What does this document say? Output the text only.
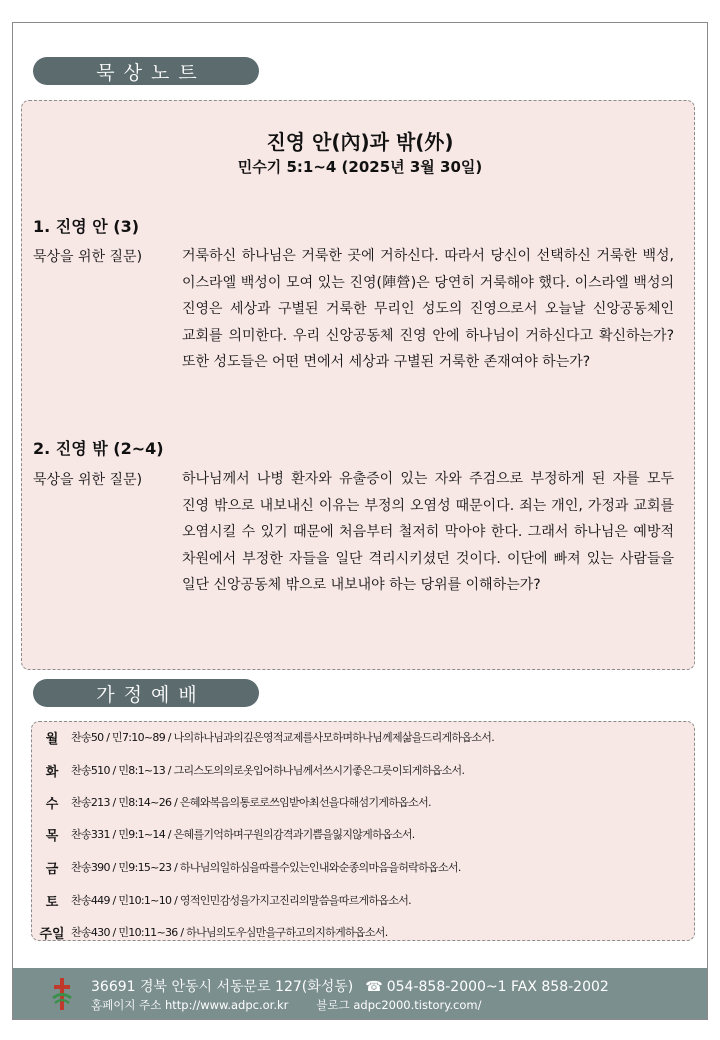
묵상노트
진영 안(內)과 밖(外)
민수기 5:1~4 (2025년 3월 30일)
1. 진영 안 (3)
묵상을 위한 질문)	거룩하신 하나님은 거룩한 곳에 거하신다. 따라서 당신이 선택하신 거룩한 백성, 이스라엘 백성이 모여 있는 진영(陣營)은 당연히 거룩해야 했다. 이스라엘 백성의 진영은 세상과 구별된 거룩한 무리인 성도의 진영으로서 오늘날 신앙공동체인 교회를 의미한다. 우리 신앙공동체 진영 안에 하나님이 거하신다고 확신하는가? 또한 성도들은 어떤 면에서 세상과 구별된 거룩한 존재여야 하는가?
2. 진영 밖 (2~4)
묵상을 위한 질문)	하나님께서 나병 환자와 유출증이 있는 자와 주검으로 부정하게 된 자를 모두 진영 밖으로 내보내신 이유는 부정의 오염성 때문이다. 죄는 개인, 가정과 교회를 오염시킬 수 있기 때문에 처음부터 철저히 막아야 한다. 그래서 하나님은 예방적 차원에서 부정한 자들을 일단 격리시키셨던 것이다. 이단에 빠져 있는 사람들을 일단 신앙공동체 밖으로 내보내야 하는 당위를 이해하는가?
가정예배
월	찬송50 / 민7:10~89 / 나의하나님과의깊은영적교제를사모하며하나님께제삶을드리게하옵소서.
화	찬송510 / 민8:1~13 / 그리스도의의로옷입어하나님께서쓰시기좋은그릇이되게하옵소서.
수	찬송213 / 민8:14~26 / 은혜와복음의통로로쓰임받아최선을다해섬기게하옵소서.
목	찬송331 / 민9:1~14 / 은혜를기억하며구원의감격과기쁨을잃지않게하옵소서.
금	찬송390 / 민9:15~23 / 하나님의일하심을따를수있는인내와순종의마음을허락하옵소서.
토	찬송449 / 민10:1~10 / 영적인민감성을가지고진리의말씀을따르게하옵소서.
주일 찬송430 / 민10:11~36 / 하나님의도우심만을구하고의지하게하옵소서.
36691 경북 안동시 서동문로 127(화성동) ☎ 054-858-2000~1 FAX 858-2002
홈페이지 주소 http://www.adpc.or.kr 블로그 adpc2000.tistory.com/
